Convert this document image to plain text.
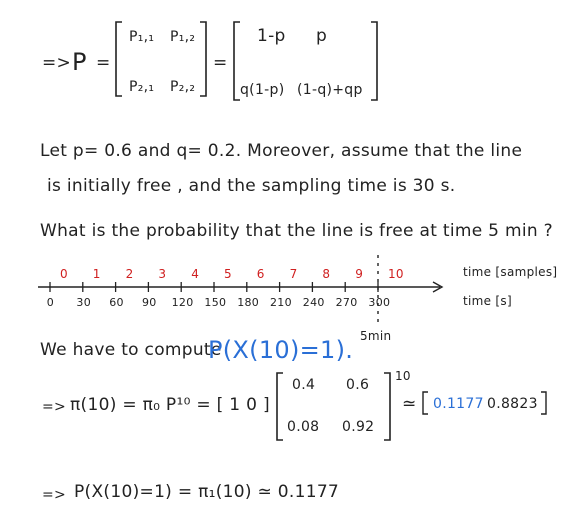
=> P =
P₁,₁ P₁,₂
P₂,₁ P₂,₂
=
1-p p
q(1-p) (1-q)+qp
Let p= 0.6 and q= 0.2. Moreover, assume that the line
is initially free , and the sampling time is 30 s.
What is the probability that the line is free at time 5 min ?
0 1 2 3 4 5 6 7 8 9 10
0 30 60 90 120 150 180 210 240 270 300
time [samples]
time [s]
5min
We have to compute
P(X(10)=1).
=> π(10) = π₀ P¹⁰ = [ 1 0 ]
0.4 0.6
0.08 0.92
10
≃ 0.1177 0.8823
=> P(X(10)=1) = π₁(10) ≃ 0.1177
